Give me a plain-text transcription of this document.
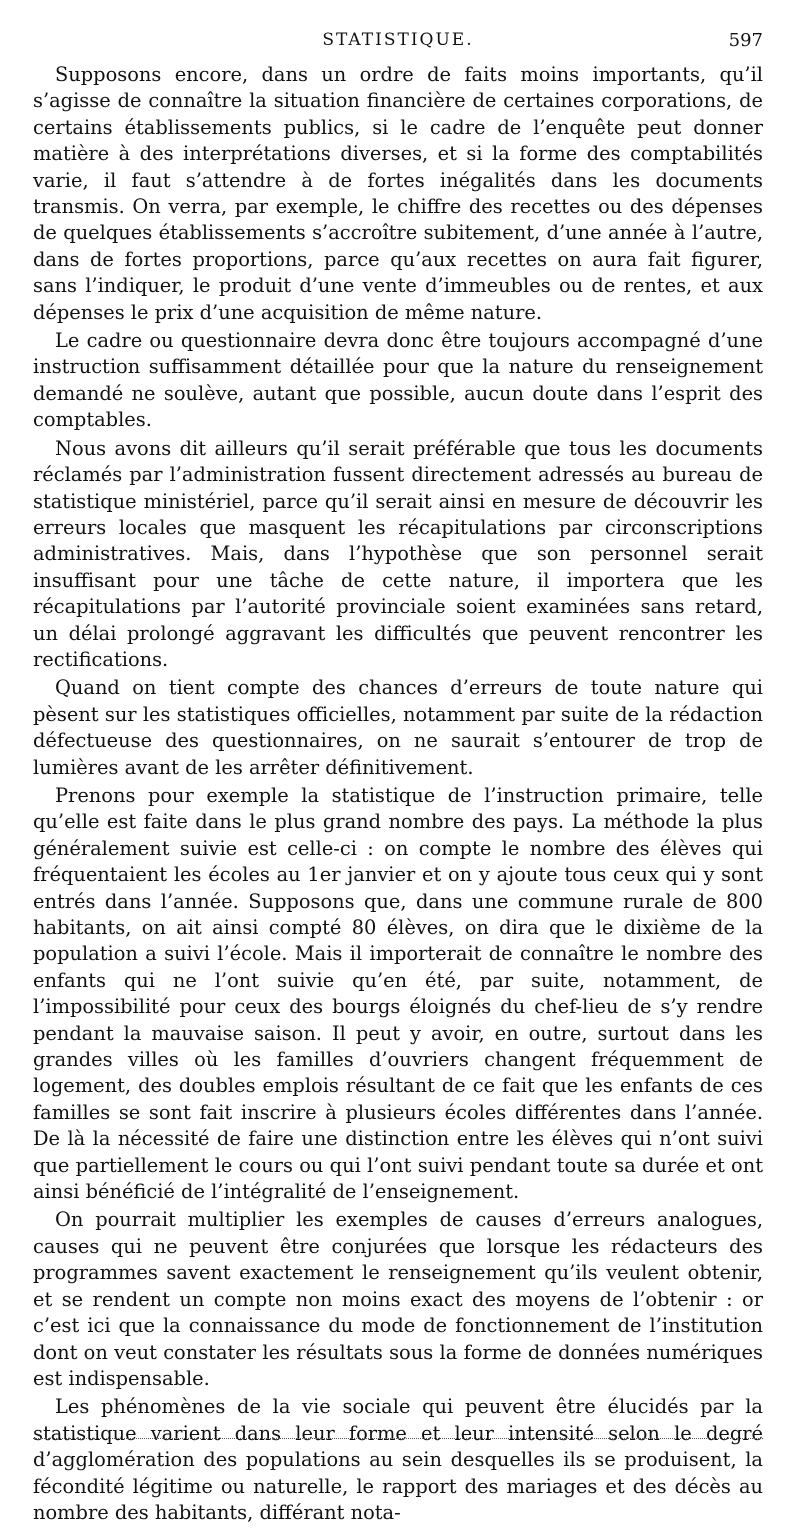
STATISTIQUE.	597

Supposons encore, dans un ordre de faits moins importants, qu’il s’agisse de connaître la situation financière de certaines corporations, de certains établissements publics, si le cadre de l’enquête peut donner matière à des interprétations diverses, et si la forme des comptabilités varie, il faut s’attendre à de fortes inégalités dans les documents transmis. On verra, par exemple, le chiffre des recettes ou des dépenses de quelques établissements s’accroître subitement, d’une année à l’autre, dans de fortes proportions, parce qu’aux recettes on aura fait figurer, sans l’indiquer, le produit d’une vente d’immeubles ou de rentes, et aux dépenses le prix d’une acquisition de même nature.

Le cadre ou questionnaire devra donc être toujours accompagné d’une instruction suffisamment détaillée pour que la nature du renseignement demandé ne soulève, autant que possible, aucun doute dans l’esprit des comptables.

Nous avons dit ailleurs qu’il serait préférable que tous les documents réclamés par l’administration fussent directement adressés au bureau de statistique ministériel, parce qu’il serait ainsi en mesure de découvrir les erreurs locales que masquent les récapitulations par circonscriptions administratives. Mais, dans l’hypothèse que son personnel serait insuffisant pour une tâche de cette nature, il importera que les récapitulations par l’autorité provinciale soient examinées sans retard, un délai prolongé aggravant les difficultés que peuvent rencontrer les rectifications.

Quand on tient compte des chances d’erreurs de toute nature qui pèsent sur les statistiques officielles, notamment par suite de la rédaction défectueuse des questionnaires, on ne saurait s’entourer de trop de lumières avant de les arrêter définitivement.

Prenons pour exemple la statistique de l’instruction primaire, telle qu’elle est faite dans le plus grand nombre des pays. La méthode la plus généralement suivie est celle-ci : on compte le nombre des élèves qui fréquentaient les écoles au 1er janvier et on y ajoute tous ceux qui y sont entrés dans l’année. Supposons que, dans une commune rurale de 800 habitants, on ait ainsi compté 80 élèves, on dira que le dixième de la population a suivi l’école. Mais il importerait de connaître le nombre des enfants qui ne l’ont suivie qu’en été, par suite, notamment, de l’impossibilité pour ceux des bourgs éloignés du chef-lieu de s’y rendre pendant la mauvaise saison. Il peut y avoir, en outre, surtout dans les grandes villes où les familles d’ouvriers changent fréquemment de logement, des doubles emplois résultant de ce fait que les enfants de ces familles se sont fait inscrire à plusieurs écoles différentes dans l’année. De là la nécessité de faire une distinction entre les élèves qui n’ont suivi que partiellement le cours ou qui l’ont suivi pendant toute sa durée et ont ainsi bénéficié de l’intégralité de l’enseignement.

On pourrait multiplier les exemples de causes d’erreurs analogues, causes qui ne peuvent être conjurées que lorsque les rédacteurs des programmes savent exactement le renseignement qu’ils veulent obtenir, et se rendent un compte non moins exact des moyens de l’obtenir : or c’est ici que la connaissance du mode de fonctionnement de l’institution dont on veut constater les résultats sous la forme de données numériques est indispensable.

Les phénomènes de la vie sociale qui peuvent être élucidés par la statistique varient dans leur forme et leur intensité selon le degré d’agglomération des populations au sein desquelles ils se produisent, la fécondité légitime ou naturelle, le rapport des mariages et des décès au nombre des habitants, différant nota-
